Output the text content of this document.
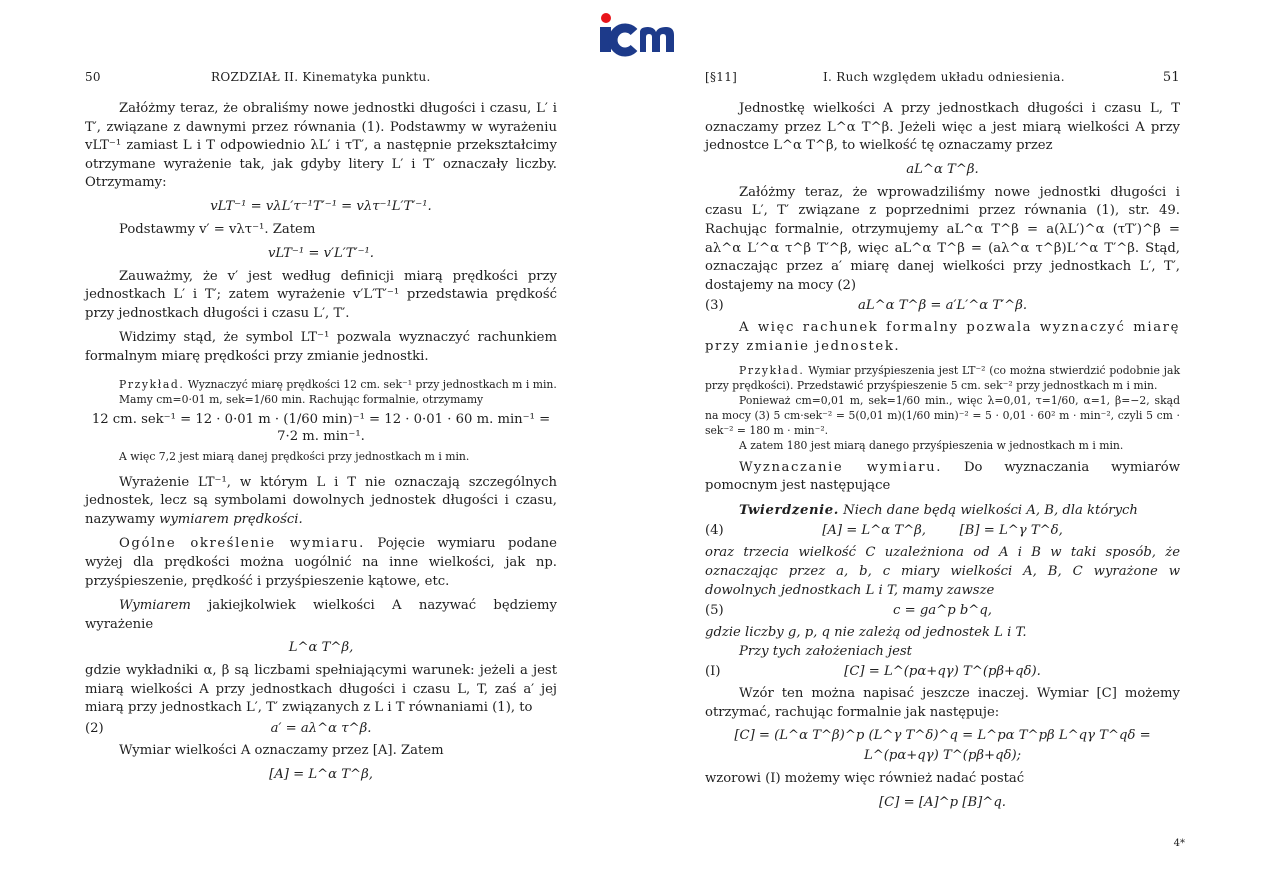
50	ROZDZIAŁ II. Kinematyka punktu.

Załóżmy teraz, że obraliśmy nowe jednostki długości i czasu, L′ i T′, związane z dawnymi przez równania (1). Podstawmy w wyrażeniu vLT⁻¹ zamiast L i T odpowiednio λL′ i τT′, a następnie przekształcimy otrzymane wyrażenie tak, jak gdyby litery L′ i T′ oznaczały liczby. Otrzymamy:

vLT⁻¹ = vλL′τ⁻¹T′⁻¹ = vλτ⁻¹L′T′⁻¹.

Podstawmy v′ = vλτ⁻¹. Zatem

vLT⁻¹ = v′L′T′⁻¹.

Zauważmy, że v′ jest według definicji miarą prędkości przy jednostkach L′ i T′; zatem wyrażenie v′L′T′⁻¹ przedstawia prędkość przy jednostkach długości i czasu L′, T′.

Widzimy stąd, że symbol LT⁻¹ pozwala wyznaczyć rachunkiem formalnym miarę prędkości przy zmianie jednostki.

Przykład. Wyznaczyć miarę prędkości 12 cm. sek⁻¹ przy jednostkach m i min.

Mamy cm=0·01 m, sek=1/60 min. Rachując formalnie, otrzymamy

12 cm. sek⁻¹ = 12 · 0·01 m · (1/60 min)⁻¹ = 12 · 0·01 · 60 m. min⁻¹ = 7·2 m. min⁻¹.

A więc 7,2 jest miarą danej prędkości przy jednostkach m i min.

Wyrażenie LT⁻¹, w którym L i T nie oznaczają szczególnych jednostek, lecz są symbolami dowolnych jednostek długości i czasu, nazywamy wymiarem prędkości.

Ogólne określenie wymiaru. Pojęcie wymiaru podane wyżej dla prędkości można uogólnić na inne wielkości, jak np. przyśpieszenie, prędkość i przyśpieszenie kątowe, etc.

Wymiarem jakiejkolwiek wielkości A nazywać będziemy wyrażenie

L^α T^β,

gdzie wykładniki α, β są liczbami spełniającymi warunek: jeżeli a jest miarą wielkości A przy jednostkach długości i czasu L, T, zaś a′ jej miarą przy jednostkach L′, T′ związanych z L i T równaniami (1), to

(2)	a′ = aλ^α τ^β.

Wymiar wielkości A oznaczamy przez [A]. Zatem

[A] = L^α T^β,
[§11]	I. Ruch względem układu odniesienia.	51

Jednostkę wielkości A przy jednostkach długości i czasu L, T oznaczamy przez L^α T^β. Jeżeli więc a jest miarą wielkości A przy jednostce L^α T^β, to wielkość tę oznaczamy przez

aL^α T^β.

Załóżmy teraz, że wprowadziliśmy nowe jednostki długości i czasu L′, T′ związane z poprzednimi przez równania (1), str. 49. Rachując formalnie, otrzymujemy aL^α T^β = a(λL′)^α (τT′)^β = aλ^α L′^α τ^β T′^β, więc aL^α T^β = (aλ^α τ^β)L′^α T′^β. Stąd, oznaczając przez a′ miarę danej wielkości przy jednostkach L′, T′, dostajemy na mocy (2)

(3)	aL^α T^β = a′L′^α T′^β.

A więc rachunek formalny pozwala wyznaczyć miarę przy zmianie jednostek.

Przykład. Wymiar przyśpieszenia jest LT⁻² (co można stwierdzić podobnie jak przy prędkości). Przedstawić przyśpieszenie 5 cm. sek⁻² przy jednostkach m i min.

Ponieważ cm=0,01 m, sek=1/60 min., więc λ=0,01, τ=1/60, α=1, β=−2, skąd na mocy (3) 5 cm·sek⁻² = 5(0,01 m)(1/60 min)⁻² = 5 · 0,01 · 60² m · min⁻², czyli 5 cm · sek⁻² = 180 m · min⁻².

A zatem 180 jest miarą danego przyśpieszenia w jednostkach m i min.

Wyznaczanie wymiaru. Do wyznaczania wymiarów pomocnym jest następujące

Twierdzenie. Niech dane będą wielkości A, B, dla których

(4)	[A] = L^α T^β,        [B] = L^γ T^δ,

oraz trzecia wielkość C uzależniona od A i B w taki sposób, że oznaczając przez a, b, c miary wielkości A, B, C wyrażone w dowolnych jednostkach L i T, mamy zawsze

(5)	c = ga^p b^q,

gdzie liczby g, p, q nie zależą od jednostek L i T.

Przy tych założeniach jest

(I)	[C] = L^(pα+qγ) T^(pβ+qδ).

Wzór ten można napisać jeszcze inaczej. Wymiar [C] możemy otrzymać, rachując formalnie jak następuje:

[C] = (L^α T^β)^p (L^γ T^δ)^q = L^pα T^pβ L^qγ T^qδ = L^(pα+qγ) T^(pβ+qδ);

wzorowi (I) możemy więc również nadać postać

[C] = [A]^p [B]^q.
4*
